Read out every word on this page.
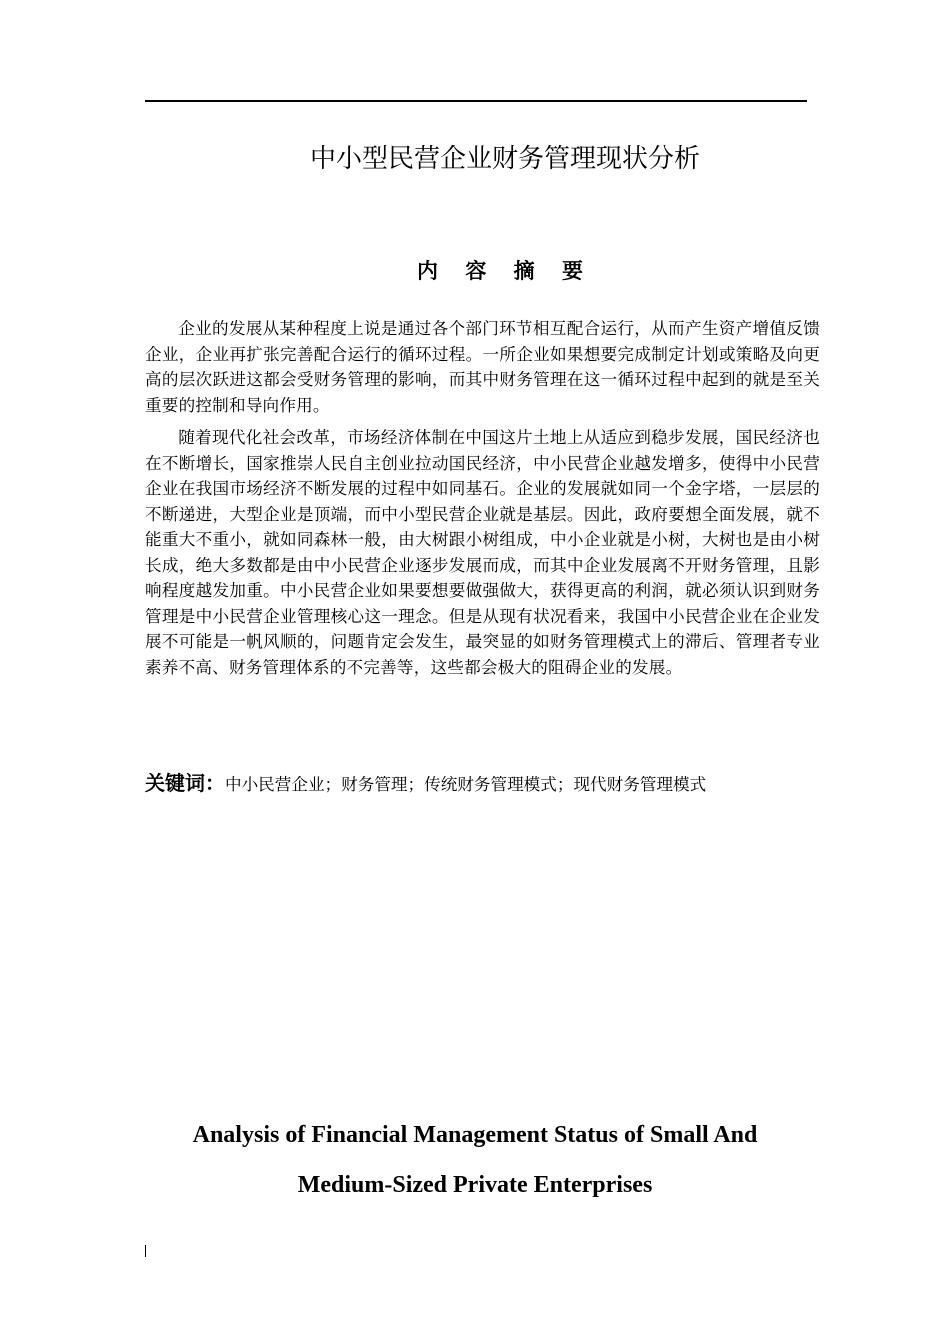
中小型民营企业财务管理现状分析
内 容 摘 要

企业的发展从某种程度上说是通过各个部门环节相互配合运行，从而产生资产增值反馈企业，企业再扩张完善配合运行的循环过程。一所企业如果想要完成制定计划或策略及向更高的层次跃进这都会受财务管理的影响，而其中财务管理在这一循环过程中起到的就是至关重要的控制和导向作用。

随着现代化社会改革，市场经济体制在中国这片土地上从适应到稳步发展，国民经济也在不断增长，国家推崇人民自主创业拉动国民经济，中小民营企业越发增多，使得中小民营企业在我国市场经济不断发展的过程中如同基石。企业的发展就如同一个金字塔，一层层的不断递进，大型企业是顶端，而中小型民营企业就是基层。因此，政府要想全面发展，就不能重大不重小，就如同森林一般，由大树跟小树组成，中小企业就是小树，大树也是由小树长成，绝大多数都是由中小民营企业逐步发展而成，而其中企业发展离不开财务管理，且影响程度越发加重。中小民营企业如果要想要做强做大，获得更高的利润，就必须认识到财务管理是中小民营企业管理核心这一理念。但是从现有状况看来，我国中小民营企业在企业发展不可能是一帆风顺的，问题肯定会发生，最突显的如财务管理模式上的滞后、管理者专业素养不高、财务管理体系的不完善等，这些都会极大的阻碍企业的发展。

关键词：中小民营企业；财务管理；传统财务管理模式；现代财务管理模式
Analysis of Financial Management Status of Small And
Medium-Sized Private Enterprises
